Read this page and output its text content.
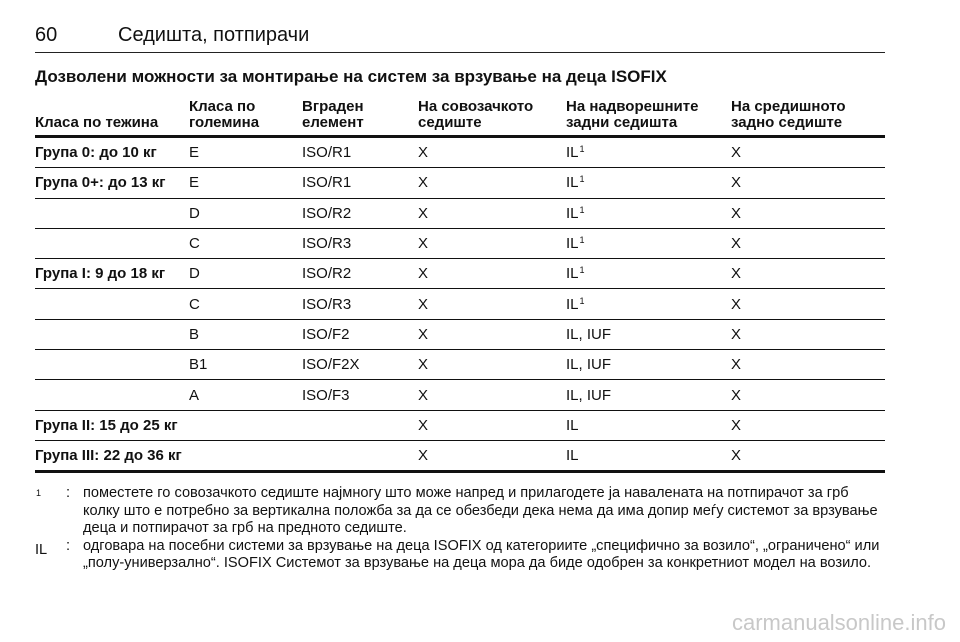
60	Седишта, потпирачи
Дозволени можности за монтирање на систем за врзување на деца ISOFIX
Класа по тежина	Класа по големина	Вграден елемент	На совозачкото седиште	На надворешните задни седишта	На средишното задно седиште
Група 0: до 10 кг	E	ISO/R1	X	$IL^1$	X
Група 0+: до 13 кг	E	ISO/R1	X	$IL^1$	X
	D	ISO/R2	X	$IL^1$	X
	C	ISO/R3	X	$IL^1$	X
Група I: 9 до 18 кг	D	ISO/R2	X	$IL^1$	X
	C	ISO/R3	X	$IL^1$	X
	B	ISO/F2	X	IL, IUF	X
	B1	ISO/F2X	X	IL, IUF	X
	A	ISO/F3	X	IL, IUF	X
Група II: 15 до 25 кг			X	IL	X
Група III: 22 до 36 кг			X	IL	X
$^1$ : поместете го совозачкото седиште најмногу што може напред и прилагодете ја навалената на потпирачот за грб колку што е потребно за вертикална положба за да се обезбеди дека нема да има допир меѓу системот за врзување деца и потпирачот за грб на предното седиште.
IL : одговара на посебни системи за врзување на деца ISOFIX од категориите „специфично за возило“, „ограничено“ или „полу-универзално“. ISOFIX Системот за врзување на деца мора да биде одобрен за конкретниот модел на возило.
carmanualsonline.info
